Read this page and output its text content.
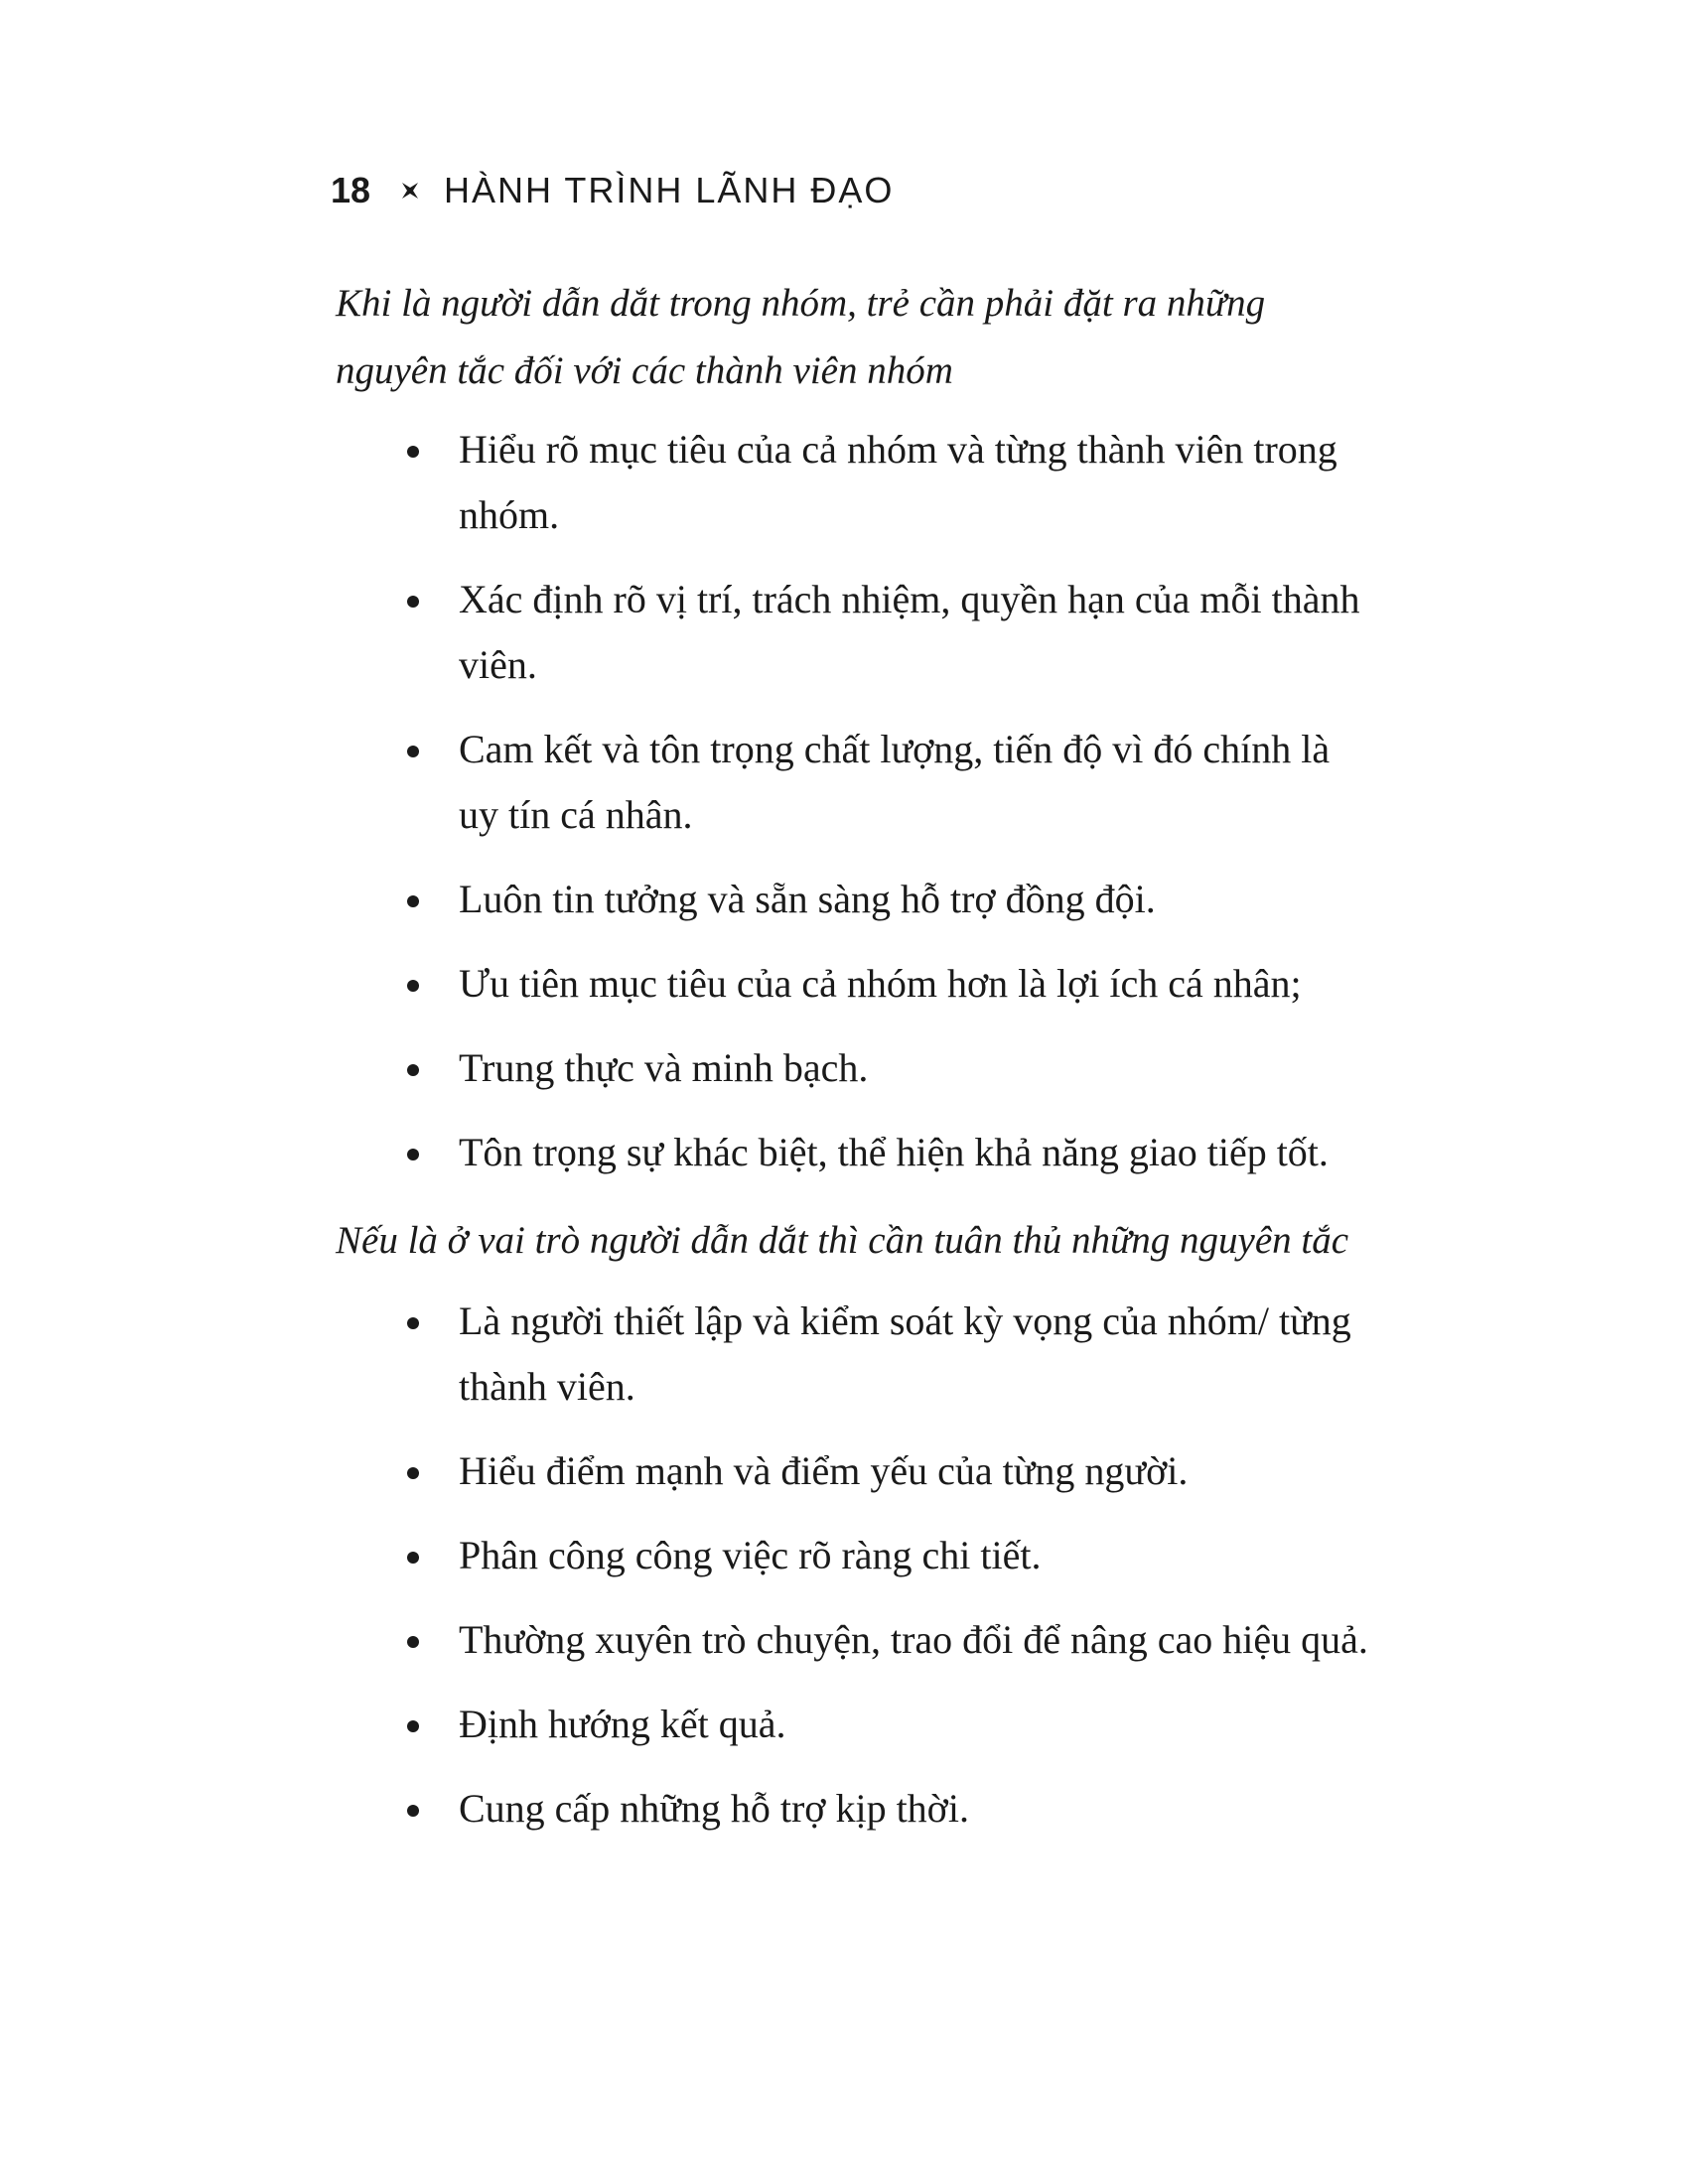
18 HÀNH TRÌNH LÃNH ĐẠO

Khi là người dẫn dắt trong nhóm, trẻ cần phải đặt ra những nguyên tắc đối với các thành viên nhóm

Hiểu rõ mục tiêu của cả nhóm và từng thành viên trong nhóm.
Xác định rõ vị trí, trách nhiệm, quyền hạn của mỗi thành viên.
Cam kết và tôn trọng chất lượng, tiến độ vì đó chính là uy tín cá nhân.
Luôn tin tưởng và sẵn sàng hỗ trợ đồng đội.
Ưu tiên mục tiêu của cả nhóm hơn là lợi ích cá nhân;
Trung thực và minh bạch.
Tôn trọng sự khác biệt, thể hiện khả năng giao tiếp tốt.

Nếu là ở vai trò người dẫn dắt thì cần tuân thủ những nguyên tắc

Là người thiết lập và kiểm soát kỳ vọng của nhóm/ từng thành viên.
Hiểu điểm mạnh và điểm yếu của từng người.
Phân công công việc rõ ràng chi tiết.
Thường xuyên trò chuyện, trao đổi để nâng cao hiệu quả.
Định hướng kết quả.
Cung cấp những hỗ trợ kịp thời.
